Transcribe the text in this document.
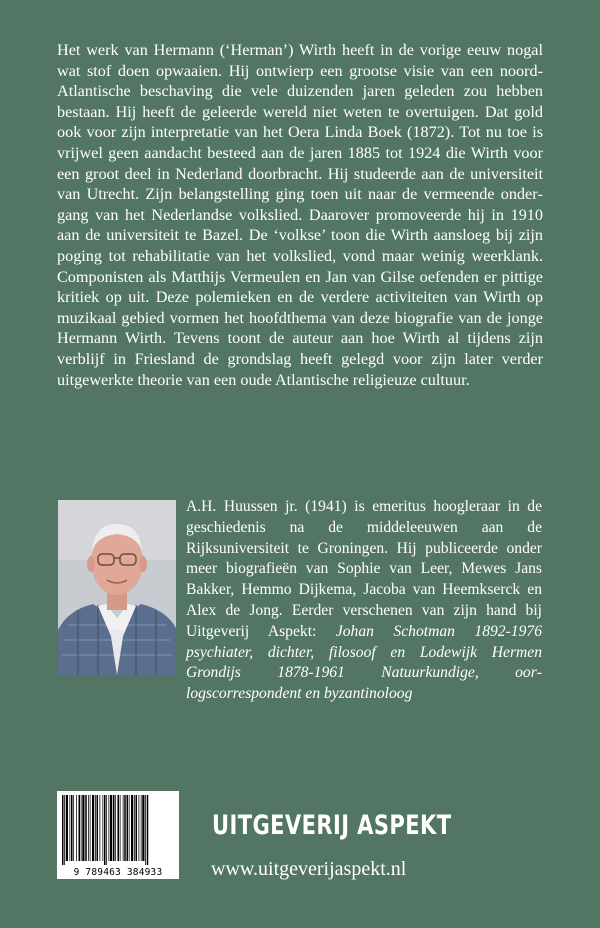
Het werk van Hermann (‘Herman’) Wirth heeft in de vorige eeuw nogal wat stof doen opwaaien. Hij ontwierp een grootse visie van een noord-Atlantische beschaving die vele duizenden jaren geleden zou hebben bestaan. Hij heeft de geleerde wereld niet weten te overtuigen. Dat gold ook voor zijn interpretatie van het Oera Linda Boek (1872). Tot nu toe is vrijwel geen aandacht besteed aan de jaren 1885 tot 1924 die Wirth voor een groot deel in Nederland doorbracht. Hij studeerde aan de universiteit van Utrecht. Zijn belangstelling ging toen uit naar de vermeende ondergang van het Nederlandse volkslied. Daarover promoveerde hij in 1910 aan de universiteit te Bazel. De ‘volkse’ toon die Wirth aansloeg bij zijn poging tot rehabilitatie van het volkslied, vond maar weinig weerklank. Componisten als Matthijs Vermeulen en Jan van Gilse oefenden er pittige kritiek op uit. Deze polemieken en de verdere activiteiten van Wirth op muzikaal gebied vormen het hoofdthema van deze biografie van de jonge Hermann Wirth. Tevens toont de auteur aan hoe Wirth al tijdens zijn verblijf in Friesland de grondslag heeft gelegd voor zijn later verder uitgewerkte theorie van een oude Atlantische religieuze cultuur.

A.H. Huussen jr. (1941) is emeritus hoogleraar in de geschiedenis na de middeleeuwen aan de Rijksuniversiteit te Groningen. Hij publiceerde onder meer biografieën van Sophie van Leer, Mewes Jans Bakker, Hemmo Dijkema, Jacoba van Heemkserck en Alex de Jong. Eerder verschenen van zijn hand bij Uitgeverij Aspekt: Johan Schotman 1892-1976 psychiater, dichter, filosoof en Lodewijk Hermen Grondijs 1878-1961 Natuurkundige, oorlogscorrespondent en byzantinoloog

9 789463 384933
UITGEVERIJ ASPEKT
www.uitgeverijaspekt.nl
